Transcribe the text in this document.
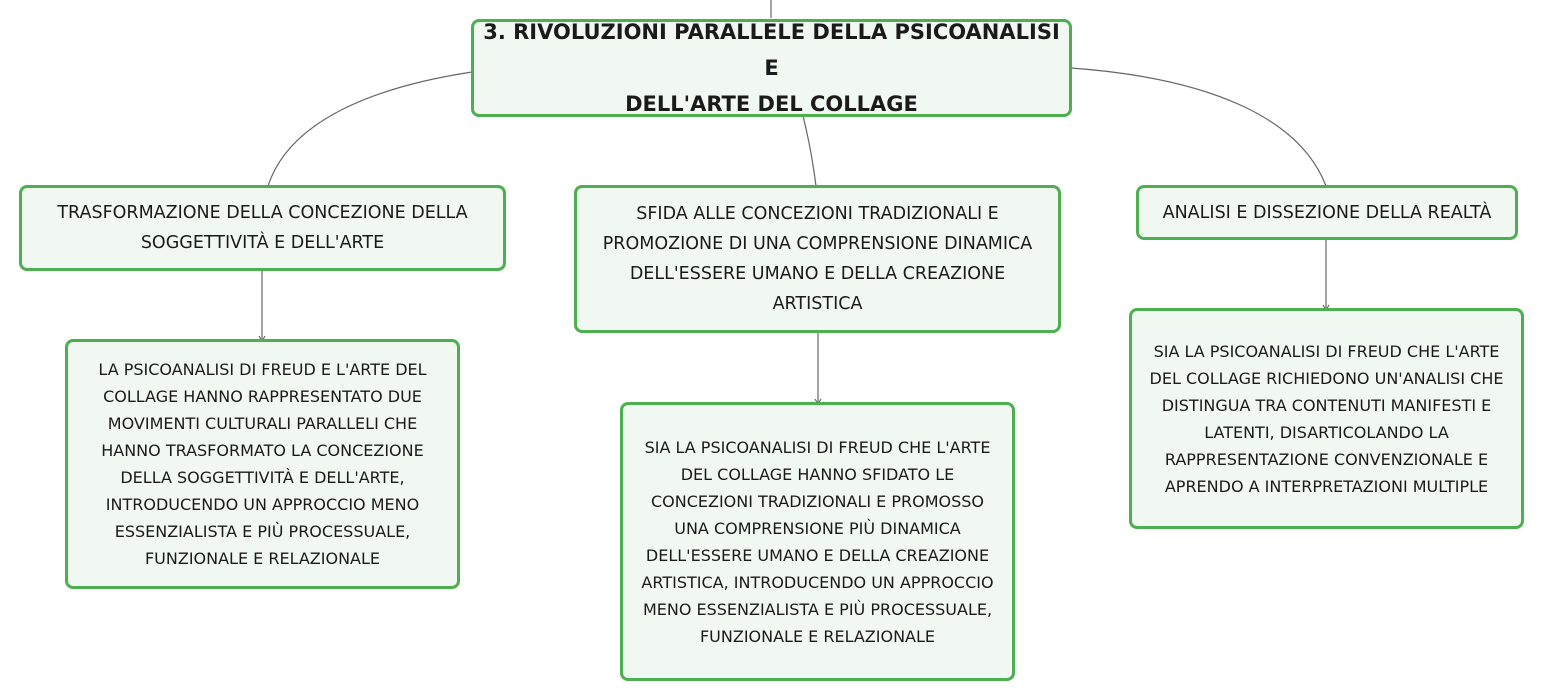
3. RIVOLUZIONI PARALLELE DELLA PSICOANALISI E
DELL'ARTE DEL COLLAGE
TRASFORMAZIONE DELLA CONCEZIONE DELLA
SOGGETTIVITÀ E DELL'ARTE
SFIDA ALLE CONCEZIONI TRADIZIONALI E
PROMOZIONE DI UNA COMPRENSIONE DINAMICA
DELL'ESSERE UMANO E DELLA CREAZIONE
ARTISTICA
ANALISI E DISSEZIONE DELLA REALTÀ
LA PSICOANALISI DI FREUD E L'ARTE DEL
COLLAGE HANNO RAPPRESENTATO DUE
MOVIMENTI CULTURALI PARALLELI CHE
HANNO TRASFORMATO LA CONCEZIONE
DELLA SOGGETTIVITÀ E DELL'ARTE,
INTRODUCENDO UN APPROCCIO MENO
ESSENZIALISTA E PIÙ PROCESSUALE,
FUNZIONALE E RELAZIONALE
SIA LA PSICOANALISI DI FREUD CHE L'ARTE
DEL COLLAGE HANNO SFIDATO LE
CONCEZIONI TRADIZIONALI E PROMOSSO
UNA COMPRENSIONE PIÙ DINAMICA
DELL'ESSERE UMANO E DELLA CREAZIONE
ARTISTICA, INTRODUCENDO UN APPROCCIO
MENO ESSENZIALISTA E PIÙ PROCESSUALE,
FUNZIONALE E RELAZIONALE
SIA LA PSICOANALISI DI FREUD CHE L'ARTE
DEL COLLAGE RICHIEDONO UN'ANALISI CHE
DISTINGUA TRA CONTENUTI MANIFESTI E
LATENTI, DISARTICOLANDO LA
RAPPRESENTAZIONE CONVENZIONALE E
APRENDO A INTERPRETAZIONI MULTIPLE
